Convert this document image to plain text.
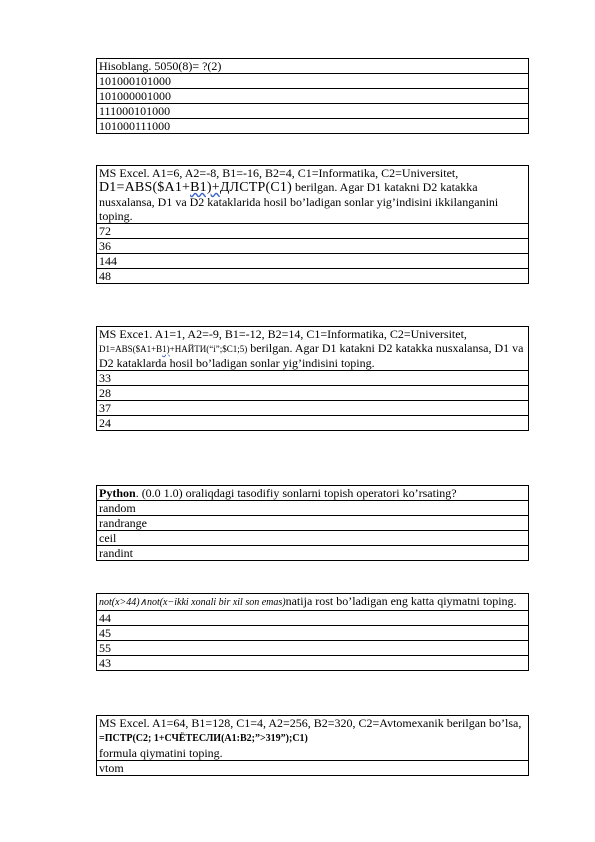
Hisoblang. 5050(8)= ?(2)
101000101000
101000001000
111000101000
101000111000
MS Excel. A1=6, A2=-8, B1=-16, B2=4, C1=Informatika, C2=Universitet,
D1=ABS($A1+B1)+ДЛСТР(C1) berilgan. Agar D1 katakni D2 katakka nusxalansa, D1 va D2 kataklarida hosil bo’ladigan sonlar yig’indisini ikkilanganini toping.
72
36
144
48
MS Exce1. A1=1, A2=-9, B1=-12, B2=14, C1=Informatika, C2=Universitet, D1=ABS($A1+B1)+НАЙТИ(“i”;$C1;5) berilgan. Agar D1 katakni D2 katakka nusxalansa, D1 va D2 kataklarda hosil bo’ladigan sonlar yig’indisini toping.
33
28
37
24
Python. (0.0 1.0) oraliqdagi tasodifiy sonlarni topish operatori ko’rsating?
random
randrange
ceil
randint
not(x>44)∧not(x−ikki xonali bir xil son emas)natija rost bo’ladigan eng katta qiymatni toping.
44
45
55
43
MS Excel. A1=64, B1=128, C1=4, A2=256, B2=320, C2=Avtomexanik berilgan bo’lsa, =ПСТР(C2; 1+СЧЁТЕСЛИ(A1:B2;”>319”);C1)
formula qiymatini toping.
vtom
